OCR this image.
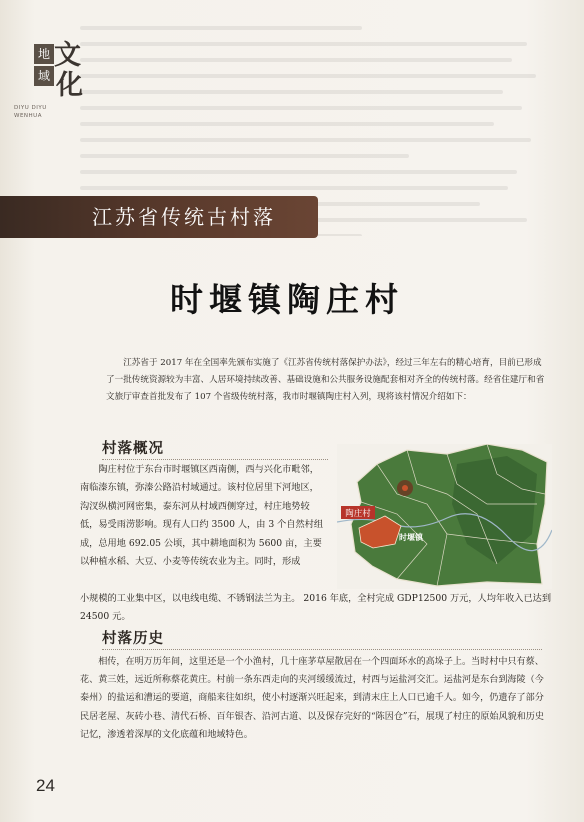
地
域
文
化
DIYU DIYU
WENHUA
江苏省传统古村落
时堰镇陶庄村
江苏省于 2017 年在全国率先颁布实施了《江苏省传统村落保护办法》，经过三年左右的精心培育，目前已形成了一批传统资源较为丰富、人居环境持续改善、基础设施和公共服务设施配套相对齐全的传统村落。经省住建厅和省文旅厅审查首批发布了 107 个省级传统村落，我市时堰镇陶庄村入列，现将该村情况介绍如下：
村落概况
陶庄村位于东台市时堰镇区西南侧，西与兴化市毗邻，南临溱东镇，弥溱公路沿村域通过。该村位居里下河地区，沟汊纵横河网密集，泰东河从村域西侧穿过，村庄地势较低，易受雨涝影响。现有人口约 3500 人，由 3 个自然村组成，总用地 692.05 公顷，其中耕地面积为 5600 亩，主要以种植水稻、大豆、小麦等传统农业为主。同时，形成
陶庄村
时堰镇
小规模的工业集中区，以电线电缆、不锈钢法兰为主。 2016 年底，全村完成 GDP12500 万元，人均年收入已达到 24500 元。
村落历史
相传，在明万历年间，这里还是一个小渔村，几十座茅草屋散居在一个四面环水的高垛子上。当时村中只有蔡、花、黄三姓，远近所称蔡花黄庄。村前一条东西走向的夹河缓缓流过，村西与运盐河交汇。运盐河是东台到海陵（今泰州）的盐运和漕运的要道，商船来往如织，使小村逐渐兴旺起来，到清末庄上人口已逾千人。如今，仍遗存了部分民居老屋、灰砖小巷、清代石桥、百年银杏、沿河古道、以及保存完好的“陈因仓”石，展现了村庄的原始风貌和历史记忆，渗透着深厚的文化底蕴和地域特色。
24
